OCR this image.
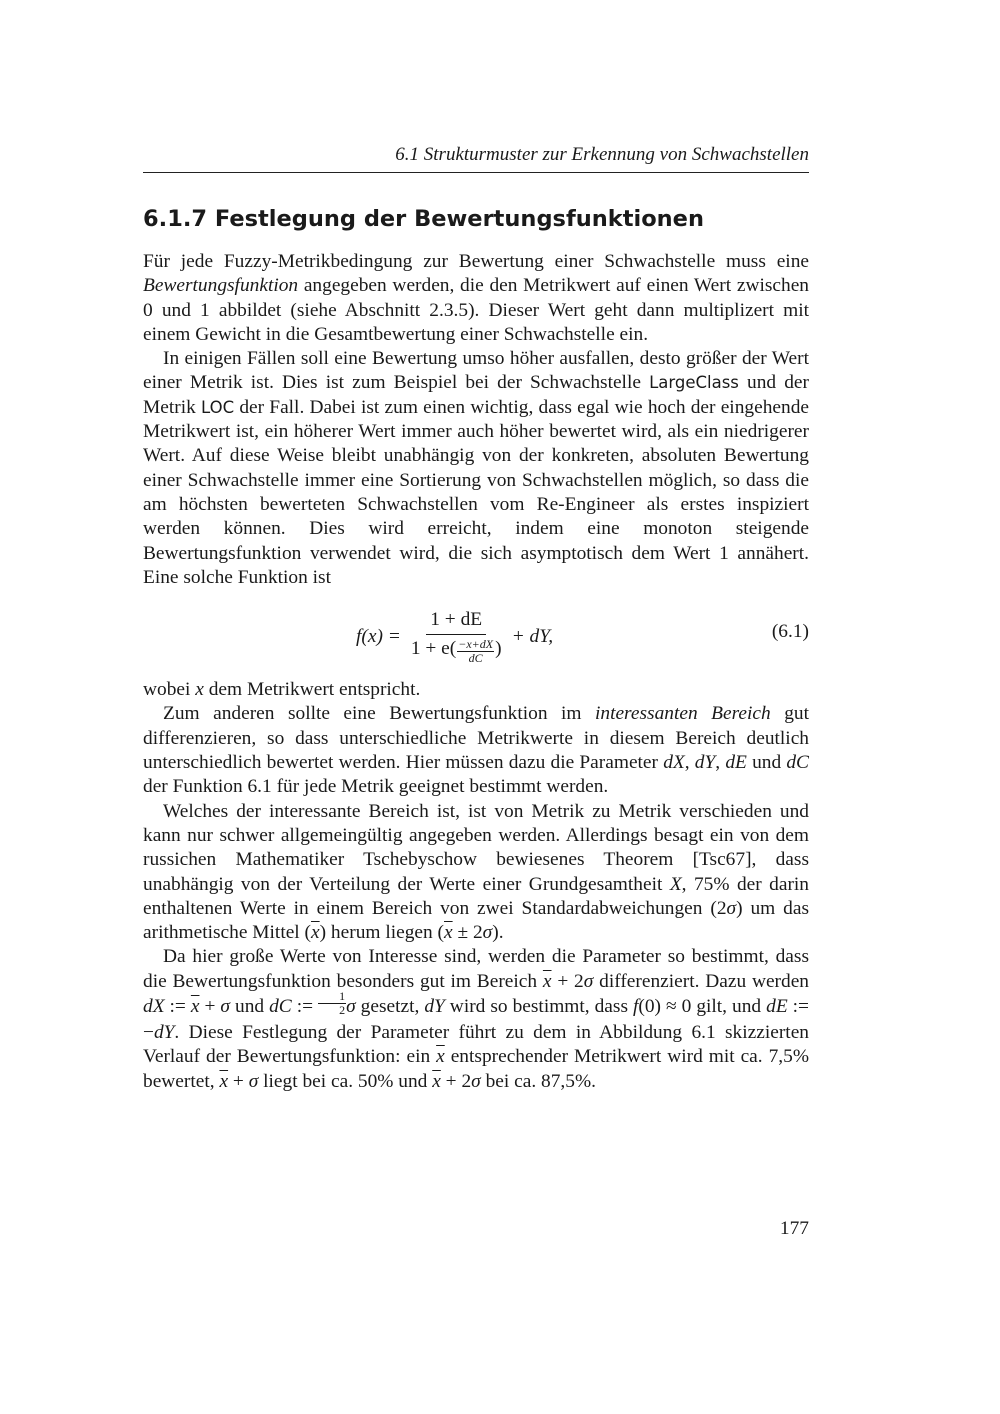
6.1 Strukturmuster zur Erkennung von Schwachstellen
6.1.7 Festlegung der Bewertungsfunktionen

Für jede Fuzzy-Metrikbedingung zur Bewertung einer Schwachstelle muss eine Bewertungsfunktion angegeben werden, die den Metrikwert auf einen Wert zwischen 0 und 1 abbildet (siehe Abschnitt 2.3.5). Dieser Wert geht dann multiplizert mit einem Gewicht in die Gesamtbewertung einer Schwachstelle ein.

In einigen Fällen soll eine Bewertung umso höher ausfallen, desto größer der Wert einer Metrik ist. Dies ist zum Beispiel bei der Schwachstelle LargeClass und der Metrik LOC der Fall. Dabei ist zum einen wichtig, dass egal wie hoch der eingehende Metrikwert ist, ein höherer Wert immer auch höher bewertet wird, als ein niedrigerer Wert. Auf diese Weise bleibt unabhängig von der konkreten, absoluten Bewertung einer Schwachstelle immer eine Sortierung von Schwachstellen möglich, so dass die am höchsten bewerteten Schwachstellen vom Re-Engineer als erstes inspiziert werden können. Dies wird erreicht, indem eine monoton steigende Bewertungsfunktion verwendet wird, die sich asymptotisch dem Wert 1 annähert. Eine solche Funktion ist

$f(x) = \frac{1 + dE}{1 + e( \frac{-x+dX}{dC} )}$ + dY,	(6.1)

wobei x dem Metrikwert entspricht.

Zum anderen sollte eine Bewertungsfunktion im interessanten Bereich gut differenzieren, so dass unterschiedliche Metrikwerte in diesem Bereich deutlich unterschiedlich bewertet werden. Hier müssen dazu die Parameter dX, dY, dE und dC der Funktion 6.1 für jede Metrik geeignet bestimmt werden.

Welches der interessante Bereich ist, ist von Metrik zu Metrik verschieden und kann nur schwer allgemeingültig angegeben werden. Allerdings besagt ein von dem russichen Mathematiker Tschebyschow bewiesenes Theorem [Tsc67], dass unabhängig von der Verteilung der Werte einer Grundgesamtheit X, 75% der darin enthaltenen Werte in einem Bereich von zwei Standardabweichungen (2σ) um das arithmetische Mittel $(\overline{x})$ herum liegen $(\overline{x} \pm 2\sigma)$.

Da hier große Werte von Interesse sind, werden die Parameter so bestimmt, dass die Bewertungsfunktion besonders gut im Bereich $\overline{x} + 2\sigma$ differenziert. Dazu werden dX := $\overline{x} + \sigma$ und dC := $\frac{1}{2}$ σ gesetzt, dY wird so bestimmt, dass f(0) ≈ 0 gilt, und dE := −dY. Diese Festlegung der Parameter führt zu dem in Abbildung 6.1 skizzierten Verlauf der Bewertungsfunktion: ein $\overline{x}$ entsprechender Metrikwert wird mit ca. 7,5% bewertet, $\overline{x} + \sigma$ liegt bei ca. 50% und $\overline{x} + 2\sigma$ bei ca. 87,5%.

177
